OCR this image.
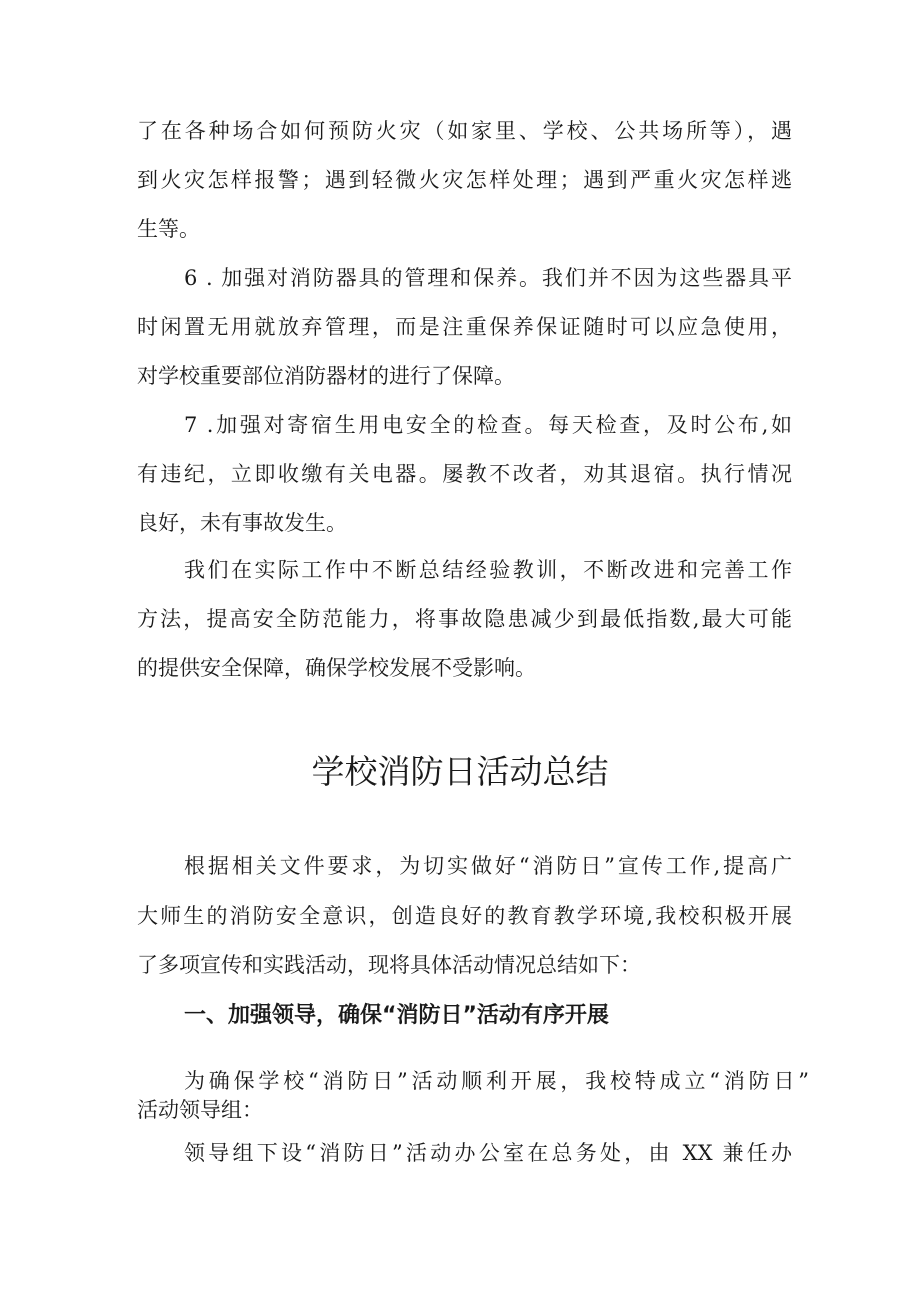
了在各种场合如何预防火灾（如家里、学校、公共场所等），遇
到火灾怎样报警；遇到轻微火灾怎样处理；遇到严重火灾怎样逃
生等。
6 . 加强对消防器具的管理和保养。我们并不因为这些器具平
时闲置无用就放弃管理，而是注重保养保证随时可以应急使用，
对学校重要部位消防器材的进行了保障。
7 .加强对寄宿生用电安全的检查。每天检查，及时公布,如
有违纪，立即收缴有关电器。屡教不改者，劝其退宿。执行情况
良好，未有事故发生。
我们在实际工作中不断总结经验教训，不断改进和完善工作
方法，提高安全防范能力，将事故隐患减少到最低指数,最大可能
的提供安全保障，确保学校发展不受影响。
学校消防日活动总结
根据相关文件要求，为切实做好“消防日”宣传工作,提高广
大师生的消防安全意识，创造良好的教育教学环境,我校积极开展
了多项宣传和实践活动，现将具体活动情况总结如下：
一、加强领导，确保“消防日”活动有序开展
为确保学校“消防日”活动顺利开展，我校特成立“消防日”
活动领导组：
领导组下设“消防日”活动办公室在总务处，由 XX 兼任办
